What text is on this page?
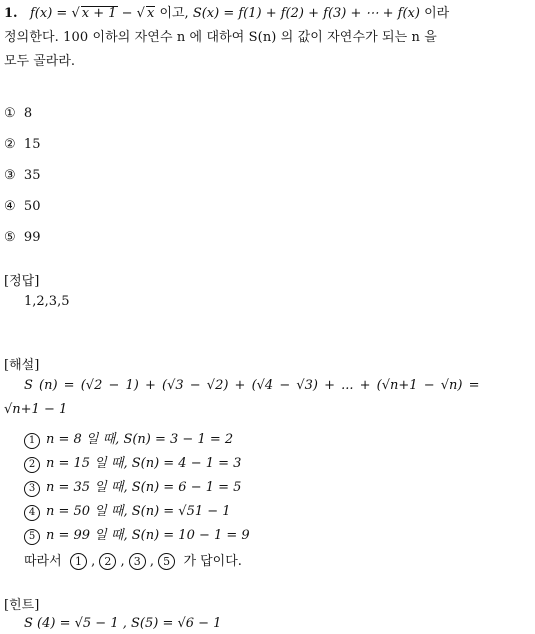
1. f(x) = √ x + 1 − √ x 이고, S(x) = f(1) + f(2) + f(3) + ⋯ + f(x) 이라
정의한다. 100 이하의 자연수 n 에 대하여 S(n) 의 값이 자연수가 되는 n 을
모두 골라라.
① 8
② 15
③ 35
④ 50
⑤ 99
[정답]
1,2,3,5
[해설]
S (n) = (√2 − 1) + (√3 − √2) + (√4 − √3) + ... + (√n+1 − √n) =
√n+1 − 1
1 n = 8 일 때, S(n) = 3 − 1 = 2
2 n = 15 일 때, S(n) = 4 − 1 = 3
3 n = 35 일 때, S(n) = 6 − 1 = 5
4 n = 50 일 때, S(n) = √51 − 1
5 n = 99 일 때, S(n) = 10 − 1 = 9
따라서 1 , 2 , 3 , 5 가 답이다.
[힌트]
S (4) = √5 − 1 , S(5) = √6 − 1
